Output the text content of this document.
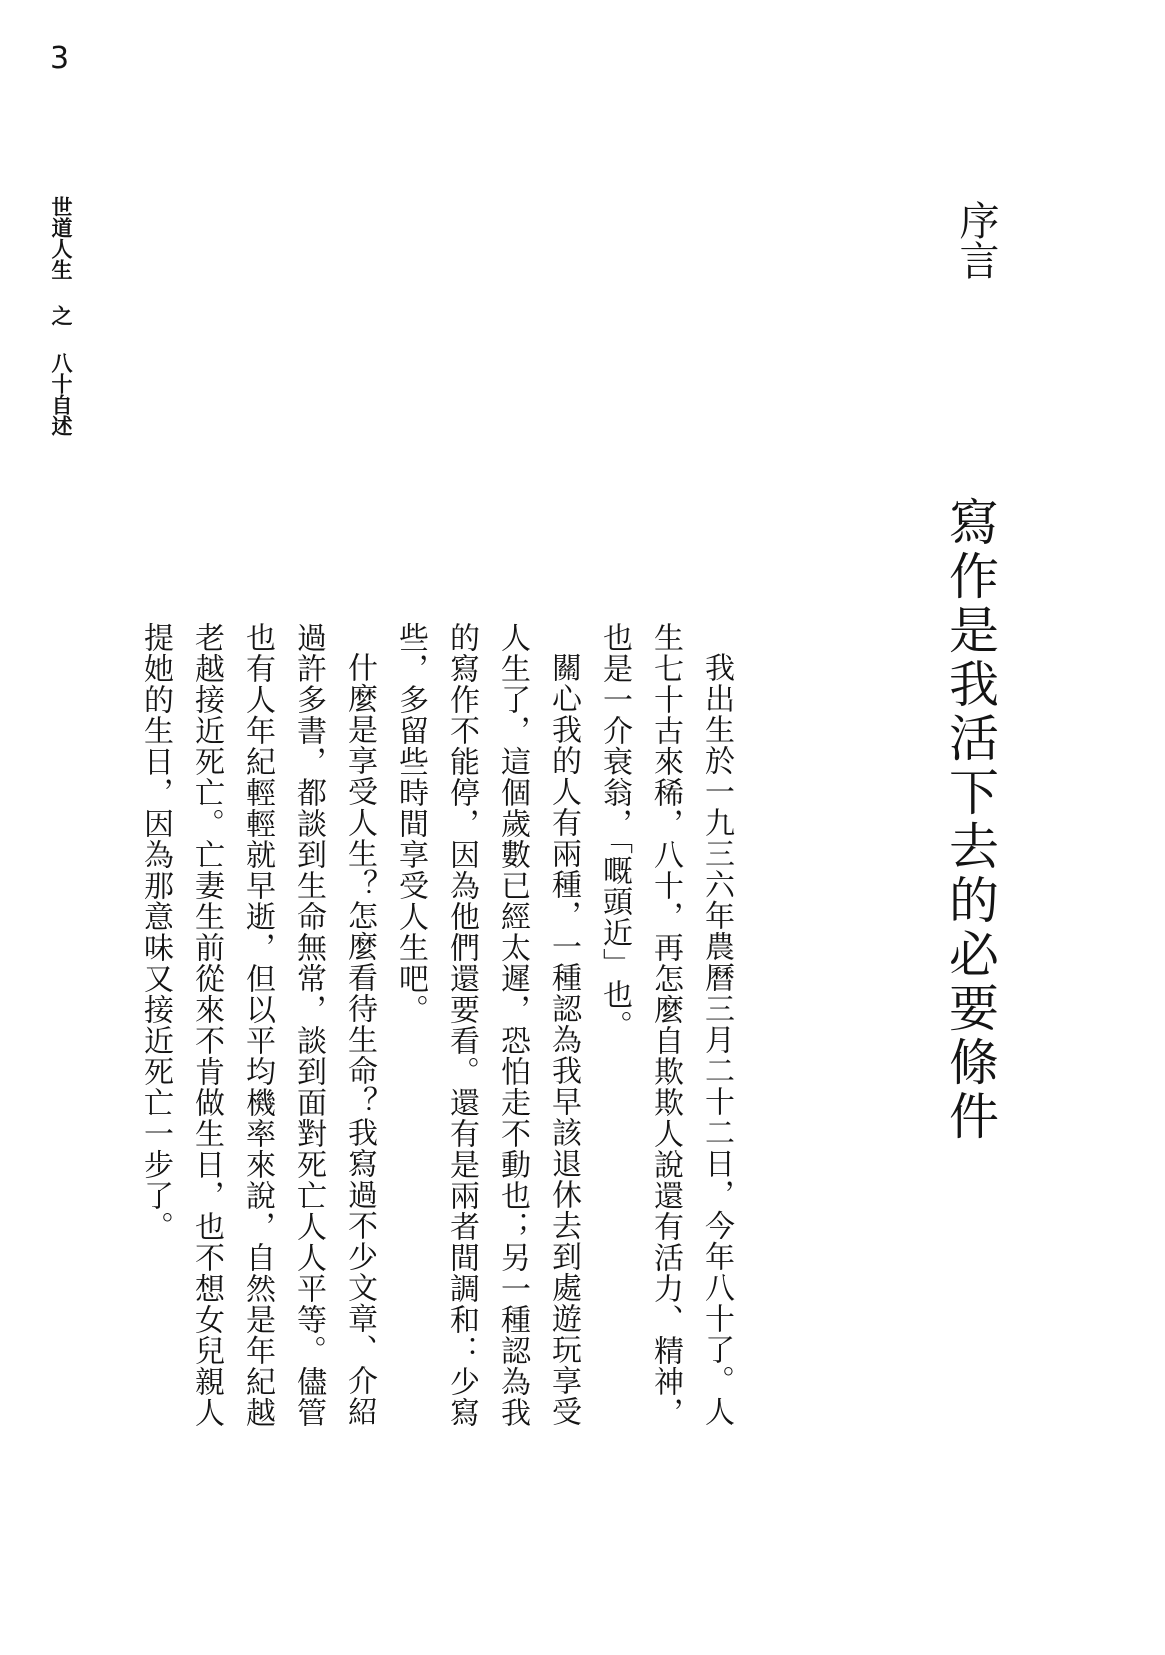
3
世道人生 之 八十自述
序言
寫作是我活下去的必要條件

我出生於一九三六年農曆三月二十二日，今年八十了。人生七十古來稀，八十，再怎麼自欺欺人說還有活力、精神，也是一介衰翁，「嘅頭近」也。

關心我的人有兩種，一種認為我早該退休去到處遊玩享受人生了，這個歲數已經太遲，恐怕走不動也；另一種認為我的寫作不能停，因為他們還要看。還有是兩者間調和：少寫些，多留些時間享受人生吧。

什麼是享受人生？怎麼看待生命？我寫過不少文章、介紹過許多書，都談到生命無常，談到面對死亡人人平等。儘管也有人年紀輕輕就早逝，但以平均機率來說，自然是年紀越老越接近死亡。亡妻生前從來不肯做生日，也不想女兒親人提她的生日，因為那意味又接近死亡一步了。
